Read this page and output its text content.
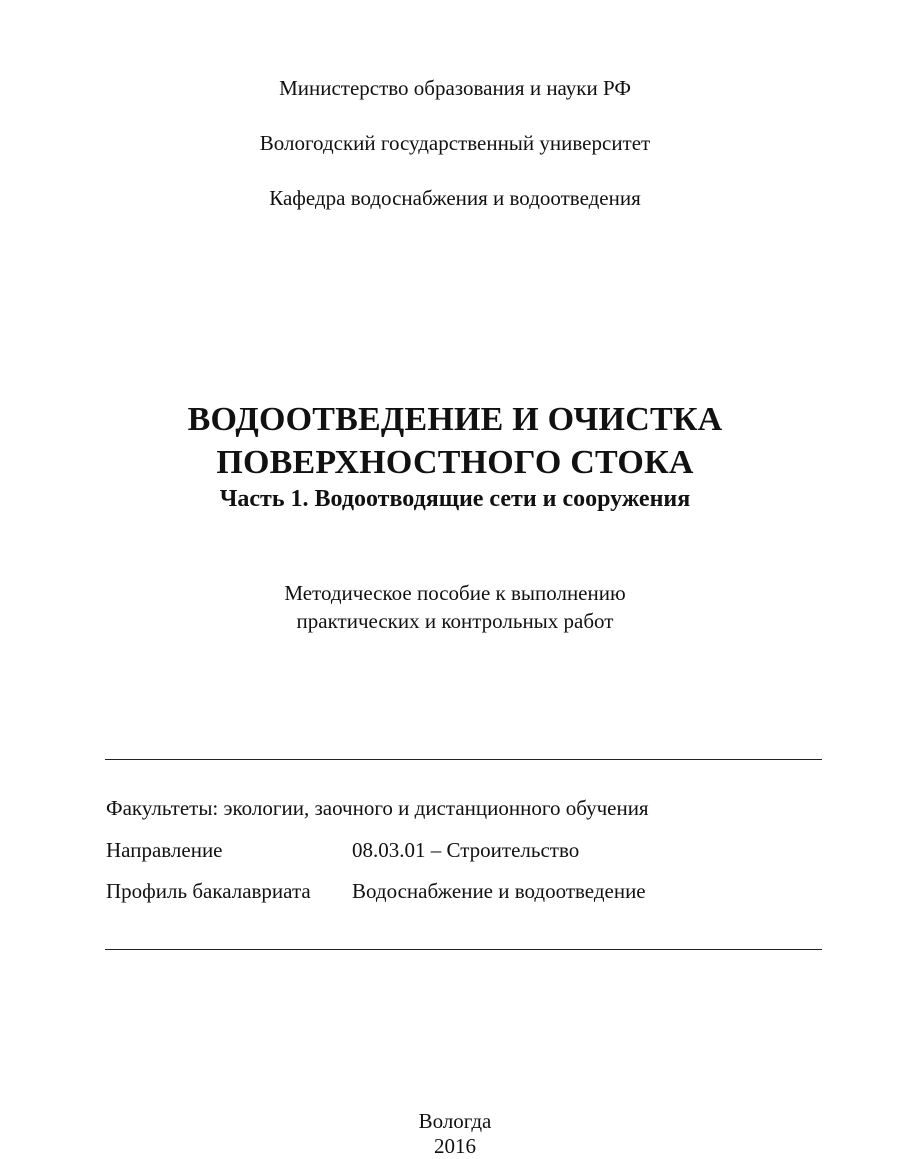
Министерство образования и науки РФ
Вологодский государственный университет
Кафедра водоснабжения и водоотведения
ВОДООТВЕДЕНИЕ И ОЧИСТКА
ПОВЕРХНОСТНОГО СТОКА
Часть 1. Водоотводящие сети и сооружения
Методическое пособие к выполнению
практических и контрольных работ
Факультеты: экологии, заочного и дистанционного обучения
Направление	08.03.01 – Строительство
Профиль бакалавриата Водоснабжение и водоотведение
Вологда
2016
